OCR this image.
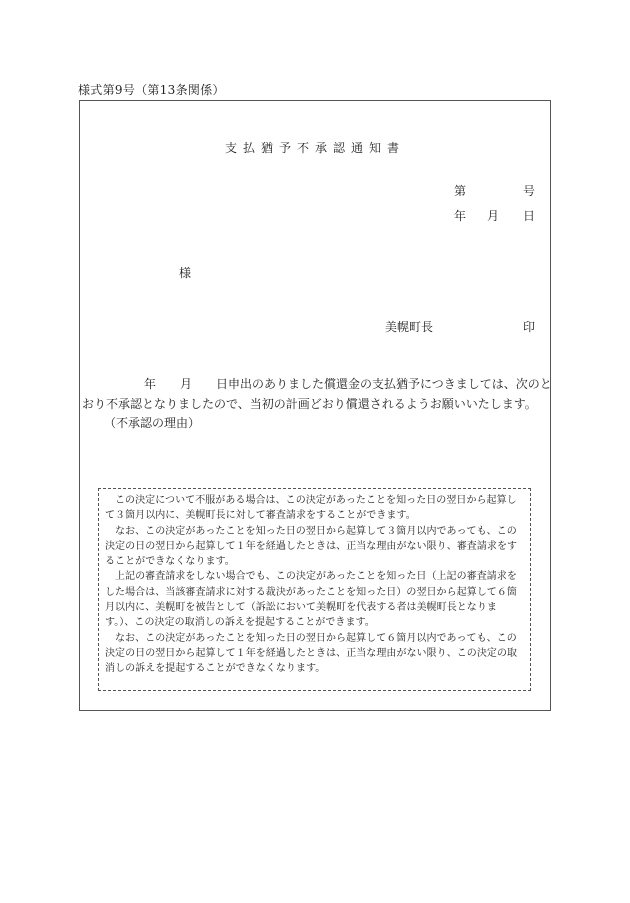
様式第9号（第13条関係）
支払猶予不承認通知書
第	号
年 月 日
様
美幌町長	印
年　　月　　日申出のありました償還金の支払猶予につきましては、次のと
おり不承認となりましたので、当初の計画どおり償還されるようお願いいたします。
（不承認の理由）

この決定について不服がある場合は、この決定があったことを知った日の翌日から起算して３箇月以内に、美幌町長に対して審査請求をすることができます。

なお、この決定があったことを知った日の翌日から起算して３箇月以内であっても、この決定の日の翌日から起算して１年を経過したときは、正当な理由がない限り、審査請求をすることができなくなります。

上記の審査請求をしない場合でも、この決定があったことを知った日（上記の審査請求をした場合は、当該審査請求に対する裁決があったことを知った日）の翌日から起算して６箇月以内に、美幌町を被告として（訴訟において美幌町を代表する者は美幌町長となります。）、この決定の取消しの訴えを提起することができます。

なお、この決定があったことを知った日の翌日から起算して６箇月以内であっても、この決定の日の翌日から起算して１年を経過したときは、正当な理由がない限り、この決定の取消しの訴えを提起することができなくなります。
